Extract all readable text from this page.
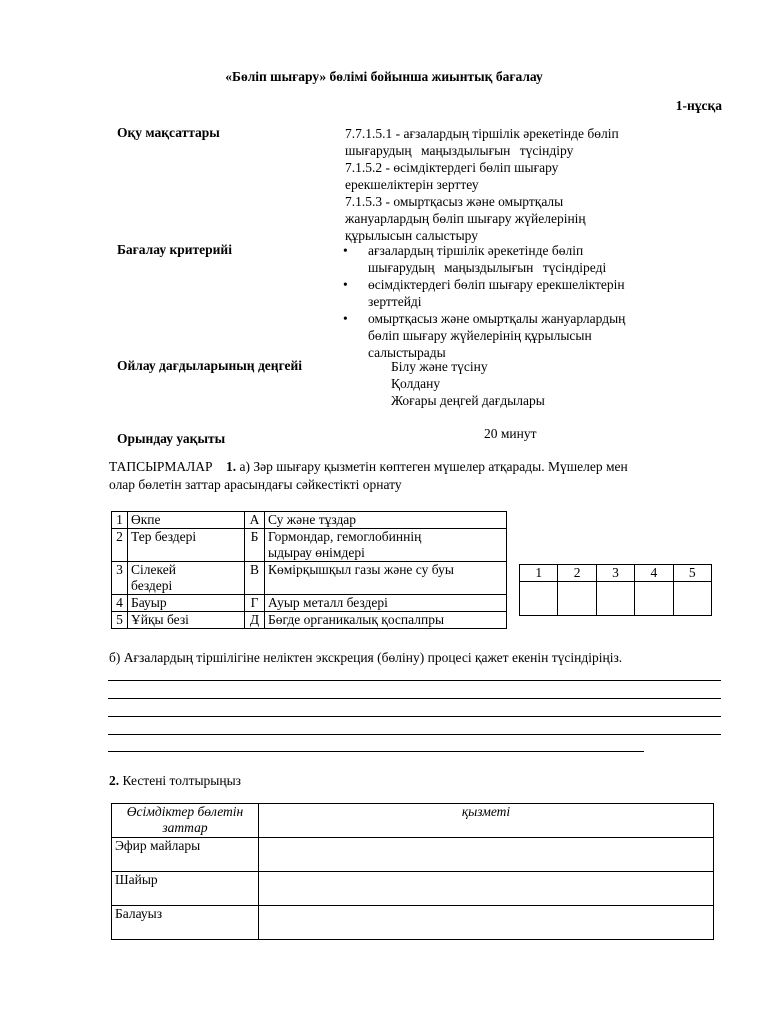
«Бөліп шығару» бөлімі бойынша жиынтық бағалау
1-нұсқа
Оқу мақсаттары	7.7.1.5.1 - ағзалардың тіршілік әрекетінде бөліп
шығарудың маңыздылығын түсіндіру
7.1.5.2 - өсімдіктердегі бөліп шығару
ерекшеліктерін зерттеу
7.1.5.3 - омыртқасыз және омыртқалы
жануарлардың бөліп шығару жүйелерінің
құрылысын салыстыру
Бағалау критерийі	• ағзалардың тіршілік әрекетінде бөліп
шығарудың маңыздылығын түсіндіреді
• өсімдіктердегі бөліп шығару ерекшеліктерін
зерттейді
• омыртқасыз және омыртқалы жануарлардың
бөліп шығару жүйелерінің құрылысын
салыстырады
Ойлау дағдыларының деңгейі	Білу және түсіну
Қолдану
Жоғары деңгей дағдылары
Орындау уақыты	20 минут
ТАПСЫРМАЛАР 1. а) Зәр шығару қызметін көптеген мүшелер атқарады. Мүшелер мен
олар бөлетін заттар арасындағы сәйкестікті орнату
1	Өкпе	А	Су және тұздар
2	Тер бездері	Б	Гормондар, гемоглобиннің
ыдырау өнімдері

3	Сілекей
бездері	В	Көмірқышқыл газы және су буы
4	Бауыр	Г	Ауыр металл бездері
5	Ұйқы безі	Д	Бөгде органикалық қоспалпры
1	2	3	4	5

б) Ағзалардың тіршілігіне неліктен экскреция (бөліну) процесі қажет екенін түсіндіріңіз.
2. Кестені толтырыңыз
Өсімдіктер бөлетін
заттар	қызметі
Эфир майлары	
Шайыр	
Балауыз	
